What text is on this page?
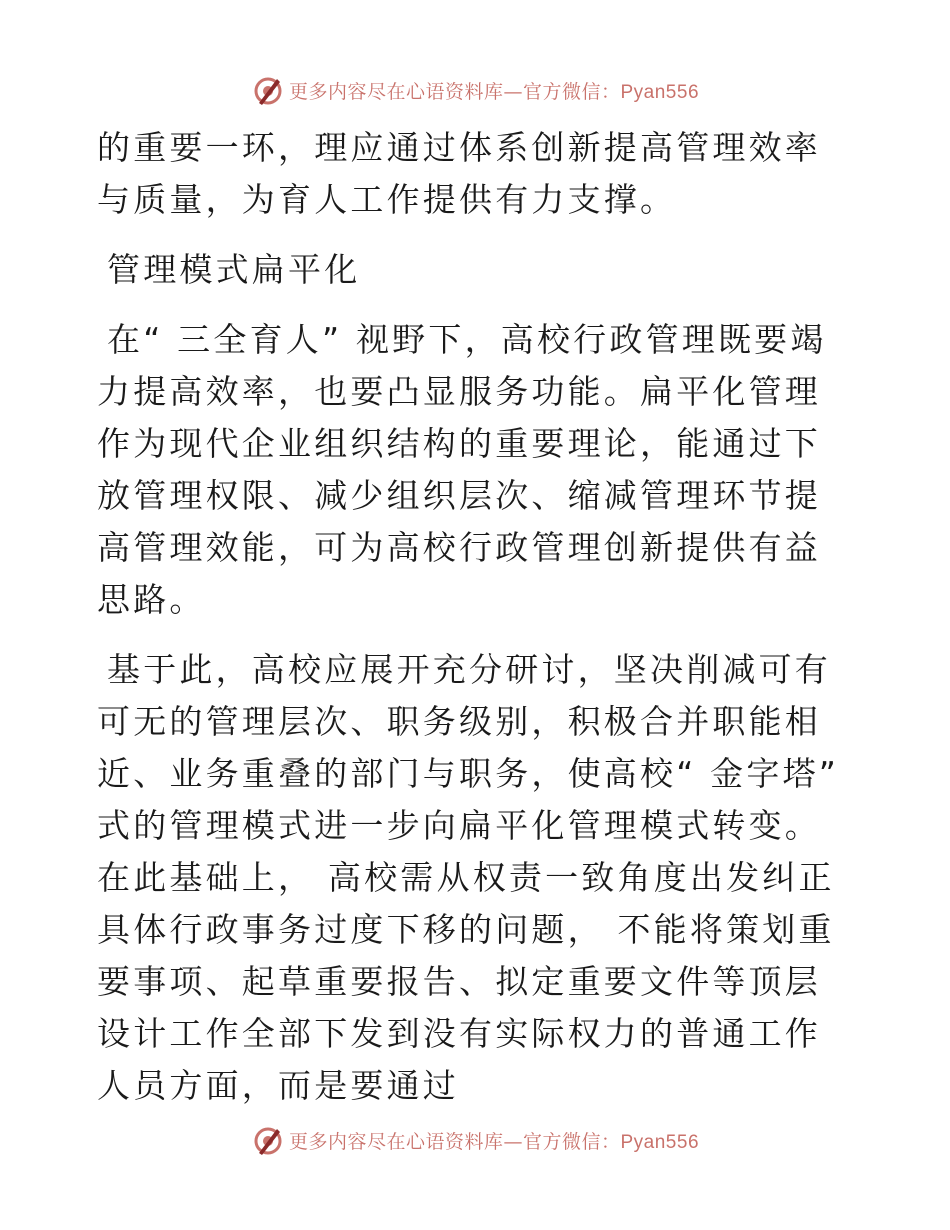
更多内容尽在心语资料库—官方微信：Pyan556

的重要一环，理应通过体系创新提高管理效率与质量，为育人工作提供有力支撑。

管理模式扁平化

在“ 三全育人” 视野下，高校行政管理既要竭力提高效率，也要凸显服务功能。扁平化管理作为现代企业组织结构的重要理论，能通过下放管理权限、减少组织层次、缩减管理环节提高管理效能，可为高校行政管理创新提供有益思路。

基于此，高校应展开充分研讨，坚决削减可有可无的管理层次、职务级别，积极合并职能相近、业务重叠的部门与职务，使高校“ 金字塔” 式的管理模式进一步向扁平化管理模式转变。在此基础上， 高校需从权责一致角度出发纠正具体行政事务过度下移的问题， 不能将策划重要事项、起草重要报告、拟定重要文件等顶层设计工作全部下发到没有实际权力的普通工作人员方面，而是要通过

更多内容尽在心语资料库—官方微信：Pyan556
